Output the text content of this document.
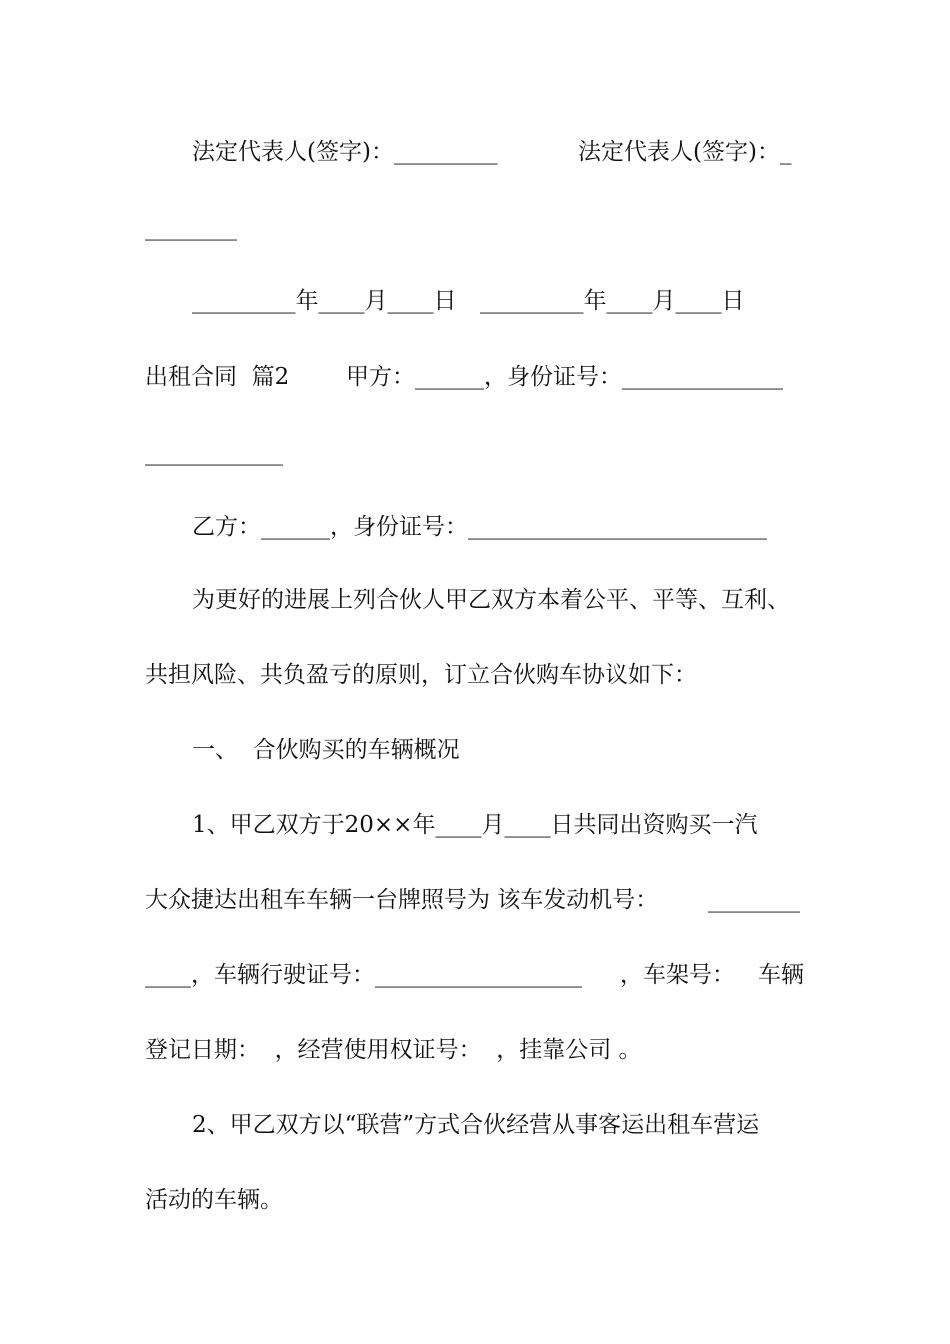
法定代表人(签字)：_________

	法定代表人(签字)：_

________

_________年____月____日

_________年____月____日

出租合同  篇2

甲方：______，身份证号：______________

____________

乙方：______，身份证号：__________________________

为更好的进展上列合伙人甲乙双方本着公平、平等、互利、

共担风险、共负盈亏的原则，订立合伙购车协议如下：

一、  合伙购买的车辆概况

1、甲乙双方于20××年____月____日共同出资购买一汽

大众捷达出租车车辆一台牌照号为 该车发动机号：

________

____，车辆行驶证号：__________________

，车架号：

车辆

登记日期：  ，经营使用权证号：  ，挂靠公司 。

2、甲乙双方以“联营”方式合伙经营从事客运出租车营运

活动的车辆。
